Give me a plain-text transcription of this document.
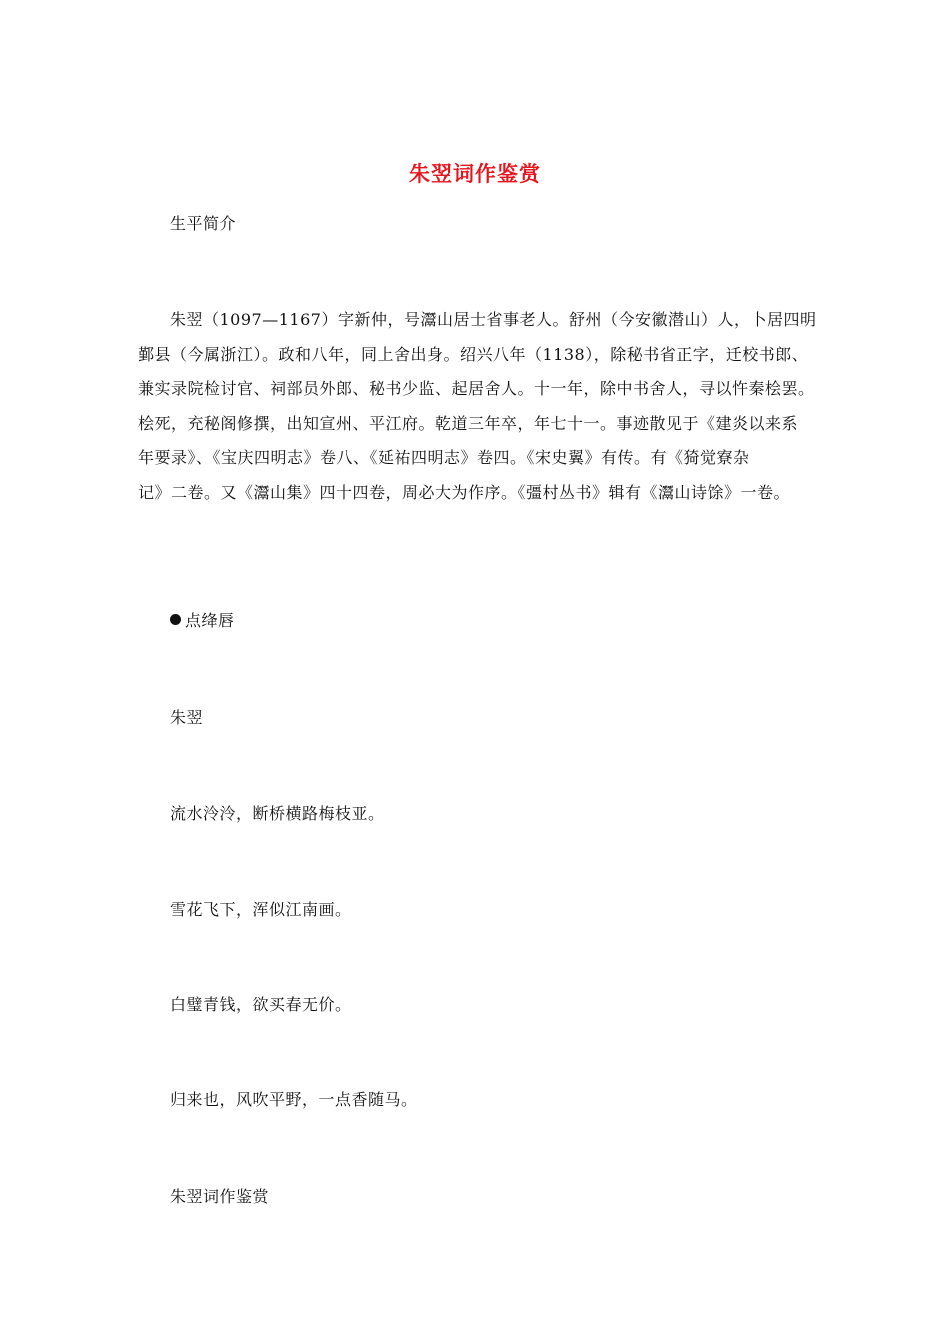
朱翌词作鉴赏
生平简介
朱翌（1097—1167）字新仲，号灊山居士省事老人。舒州（今安徽潜山）人，卜居四明
鄞县（今属浙江）。政和八年，同上舍出身。绍兴八年（1138），除秘书省正字，迁校书郎、
兼实录院检讨官、祠部员外郎、秘书少监、起居舍人。十一年，除中书舍人，寻以忤秦桧罢。
桧死，充秘阁修撰，出知宣州、平江府。乾道三年卒，年七十一。事迹散见于《建炎以来系
年要录》、《宝庆四明志》卷八、《延祐四明志》卷四。《宋史翼》有传。有《猗觉寮杂
记》二卷。又《灊山集》四十四卷，周必大为作序。《彊村丛书》辑有《灊山诗馀》一卷。
点绛唇
朱翌
流水泠泠，断桥横路梅枝亚。
雪花飞下，浑似江南画。
白璧青钱，欲买春无价。
归来也，风吹平野，一点香随马。
朱翌词作鉴赏
